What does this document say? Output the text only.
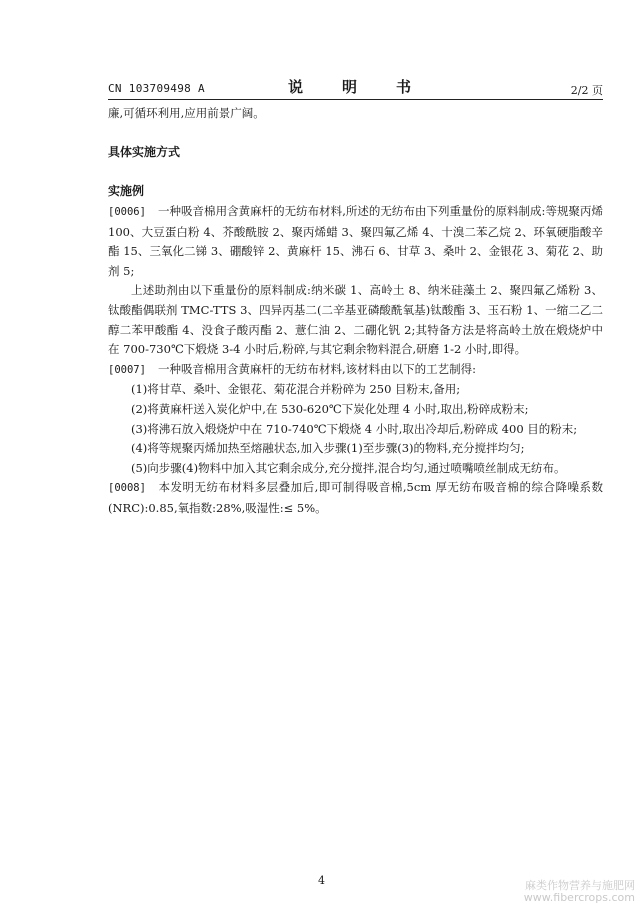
CN 103709498 A	说　明　书	2/2 页

廉,可循环利用,应用前景广阔。

具体实施方式

实施例

[0006] 一种吸音棉用含黄麻杆的无纺布材料,所述的无纺布由下列重量份的原料制成:等规聚丙烯 100、大豆蛋白粉 4、芥酸酰胺 2、聚丙烯蜡 3、聚四氟乙烯 4、十溴二苯乙烷 2、环氧硬脂酸辛酯 15、三氧化二锑 3、硼酸锌 2、黄麻杆 15、沸石 6、甘草 3、桑叶 2、金银花 3、菊花 2、助剂 5;

上述助剂由以下重量份的原料制成:纳米碳 1、高岭土 8、纳米硅藻土 2、聚四氟乙烯粉 3、钛酸酯偶联剂 TMC-TTS 3、四异丙基二(二辛基亚磷酸酰氧基)钛酸酯 3、玉石粉 1、一缩二乙二醇二苯甲酸酯 4、没食子酸丙酯 2、薏仁油 2、二硼化钒 2;其特备方法是将高岭土放在煅烧炉中在 700-730℃下煅烧 3-4 小时后,粉碎,与其它剩余物料混合,研磨 1-2 小时,即得。

[0007] 一种吸音棉用含黄麻杆的无纺布材料,该材料由以下的工艺制得:

(1)将甘草、桑叶、金银花、菊花混合并粉碎为 250 目粉末,备用;

(2)将黄麻杆送入炭化炉中,在 530-620℃下炭化处理 4 小时,取出,粉碎成粉末;

(3)将沸石放入煅烧炉中在 710-740℃下煅烧 4 小时,取出冷却后,粉碎成 400 目的粉末;

(4)将等规聚丙烯加热至熔融状态,加入步骤(1)至步骤(3)的物料,充分搅拌均匀;

(5)向步骤(4)物料中加入其它剩余成分,充分搅拌,混合均匀,通过喷嘴喷丝制成无纺布。

[0008] 本发明无纺布材料多层叠加后,即可制得吸音棉,5cm 厚无纺布吸音棉的综合降噪系数(NRC):0.85,氧指数:28%,吸湿性:≤ 5%。

4	麻类作物营养与施肥网
www.fibercrops.com
